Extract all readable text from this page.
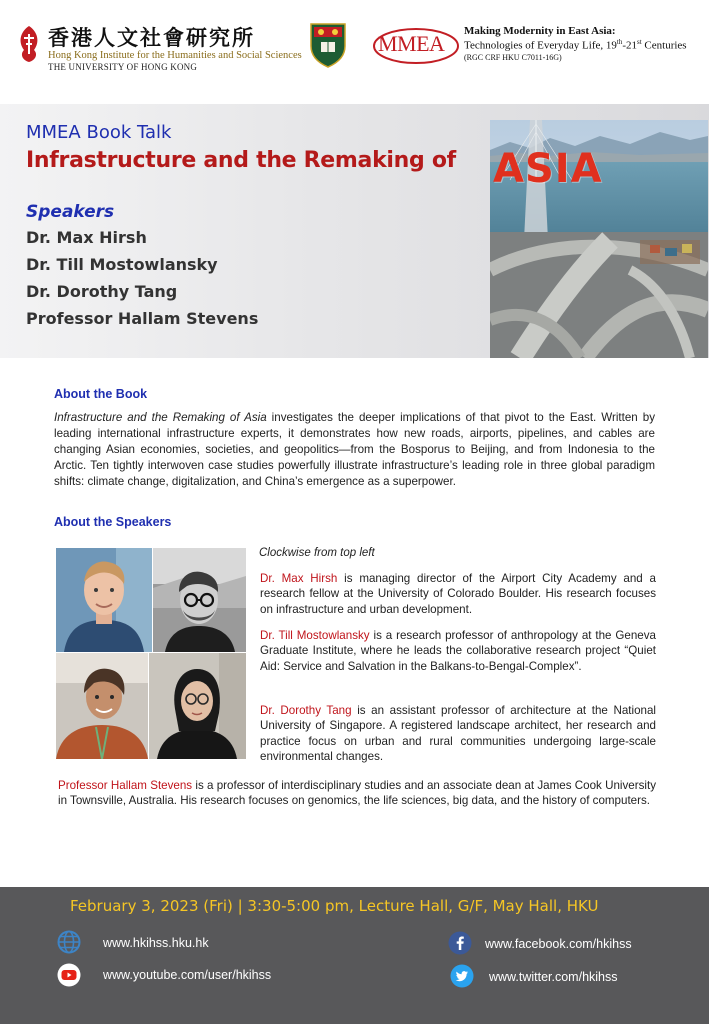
香港人文社會研究所
Hong Kong Institute for the Humanities and Social Sciences
THE UNIVERSITY OF HONG KONG
MMEA Making Modernity in East Asia:
Technologies of Everyday Life, 19th-21st Centuries
(RGC CRF HKU C7011-16G)
MMEA Book Talk
Infrastructure and the Remaking of
Speakers
Dr. Max Hirsh
Dr. Till Mostowlansky
Dr. Dorothy Tang
Professor Hallam Stevens
ASIA
About the Book
Infrastructure and the Remaking of Asia investigates the deeper implications of that pivot to the East. Written by leading international infrastructure experts, it demonstrates how new roads, airports, pipelines, and cables are changing Asian economies, societies, and geopolitics—from the Bosporus to Beijing, and from Indonesia to the Arctic. Ten tightly interwoven case studies powerfully illustrate infrastructure’s leading role in three global paradigm shifts: climate change, digitalization, and China’s emergence as a superpower.
About the Speakers
Clockwise from top left
Dr. Max Hirsh is managing director of the Airport City Academy and a research fellow at the University of Colorado Boulder. His research focuses on infrastructure and urban development.
Dr. Till Mostowlansky is a research professor of anthropology at the Geneva Graduate Institute, where he leads the collaborative research project “Quiet Aid: Service and Salvation in the Balkans-to-Bengal-Complex”.
Dr. Dorothy Tang is an assistant professor of architecture at the National University of Singapore. A registered landscape architect, her research and practice focus on urban and rural communities undergoing large-scale environmental changes.
Professor Hallam Stevens is a professor of interdisciplinary studies and an associate dean at James Cook University in Townsville, Australia. His research focuses on genomics, the life sciences, big data, and the history of computers.
February 3, 2023 (Fri) | 3:30-5:00 pm, Lecture Hall, G/F, May Hall, HKU
www.hkihss.hku.hk
www.youtube.com/user/hkihss
www.facebook.com/hkihss
www.twitter.com/hkihss
